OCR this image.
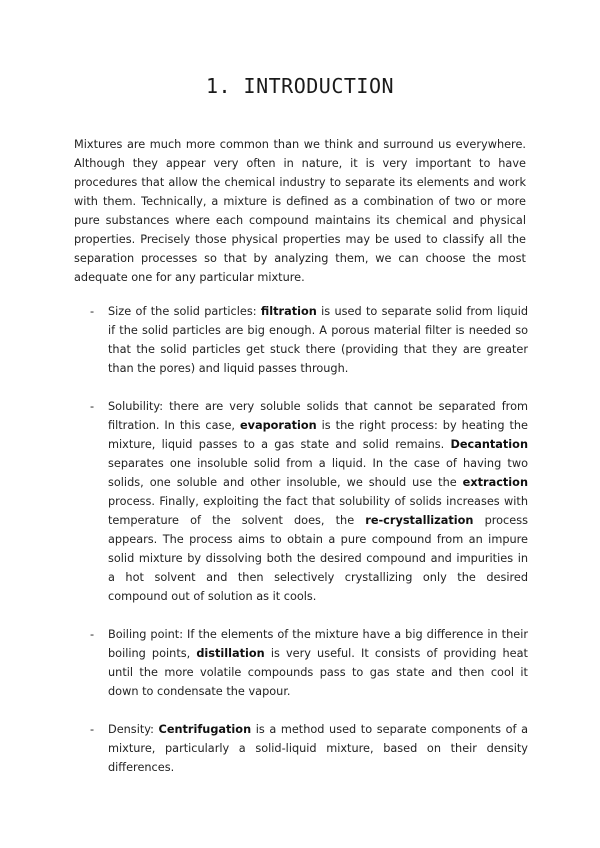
1. INTRODUCTION

Mixtures are much more common than we think and surround us everywhere. Although they appear very often in nature, it is very important to have procedures that allow the chemical industry to separate its elements and work with them. Technically, a mixture is defined as a combination of two or more pure substances where each compound maintains its chemical and physical properties. Precisely those physical properties may be used to classify all the separation processes so that by analyzing them, we can choose the most adequate one for any particular mixture.

- Size of the solid particles: filtration is used to separate solid from liquid if the solid particles are big enough. A porous material filter is needed so that the solid particles get stuck there (providing that they are greater than the pores) and liquid passes through.

- Solubility: there are very soluble solids that cannot be separated from filtration. In this case, evaporation is the right process: by heating the mixture, liquid passes to a gas state and solid remains. Decantation separates one insoluble solid from a liquid. In the case of having two solids, one soluble and other insoluble, we should use the extraction process. Finally, exploiting the fact that solubility of solids increases with temperature of the solvent does, the re-crystallization process appears. The process aims to obtain a pure compound from an impure solid mixture by dissolving both the desired compound and impurities in a hot solvent and then selectively crystallizing only the desired compound out of solution as it cools.

- Boiling point: If the elements of the mixture have a big difference in their boiling points, distillation is very useful. It consists of providing heat until the more volatile compounds pass to gas state and then cool it down to condensate the vapour.

- Density: Centrifugation is a method used to separate components of a mixture, particularly a solid-liquid mixture, based on their density differences.
